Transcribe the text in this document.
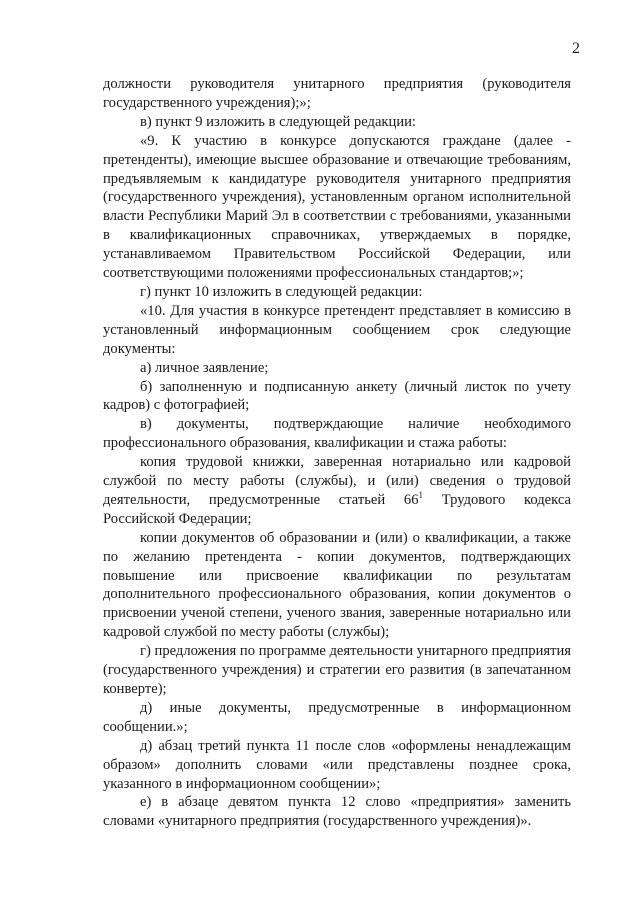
2

должности руководителя унитарного предприятия (руководителя государственного учреждения);»;

в) пункт 9 изложить в следующей редакции:

«9. К участию в конкурсе допускаются граждане (далее - претенденты), имеющие высшее образование и отвечающие требованиям, предъявляемым к кандидатуре руководителя унитарного предприятия (государственного учреждения), установленным органом исполнительной власти Республики Марий Эл в соответствии с требованиями, указанными в квалификационных справочниках, утверждаемых в порядке, устанавливаемом Правительством Российской Федерации, или соответствующими положениями профессиональных стандартов;»;

г) пункт 10 изложить в следующей редакции:

«10. Для участия в конкурсе претендент представляет в комиссию в установленный информационным сообщением срок следующие документы:

а) личное заявление;

б) заполненную и подписанную анкету (личный листок по учету кадров) с фотографией;

в) документы, подтверждающие наличие необходимого профессионального образования, квалификации и стажа работы:

копия трудовой книжки, заверенная нотариально или кадровой службой по месту работы (службы), и (или) сведения о трудовой деятельности, предусмотренные статьей $66^1$ Трудового кодекса Российской Федерации;

копии документов об образовании и (или) о квалификации, а также по желанию претендента - копии документов, подтверждающих повышение или присвоение квалификации по результатам дополнительного профессионального образования, копии документов о присвоении ученой степени, ученого звания, заверенные нотариально или кадровой службой по месту работы (службы);

г) предложения по программе деятельности унитарного предприятия (государственного учреждения) и стратегии его развития (в запечатанном конверте);

д) иные документы, предусмотренные в информационном сообщении.»;

д) абзац третий пункта 11 после слов «оформлены ненадлежащим образом» дополнить словами «или представлены позднее срока, указанного в информационном сообщении»;

е) в абзаце девятом пункта 12 слово «предприятия» заменить словами «унитарного предприятия (государственного учреждения)».
